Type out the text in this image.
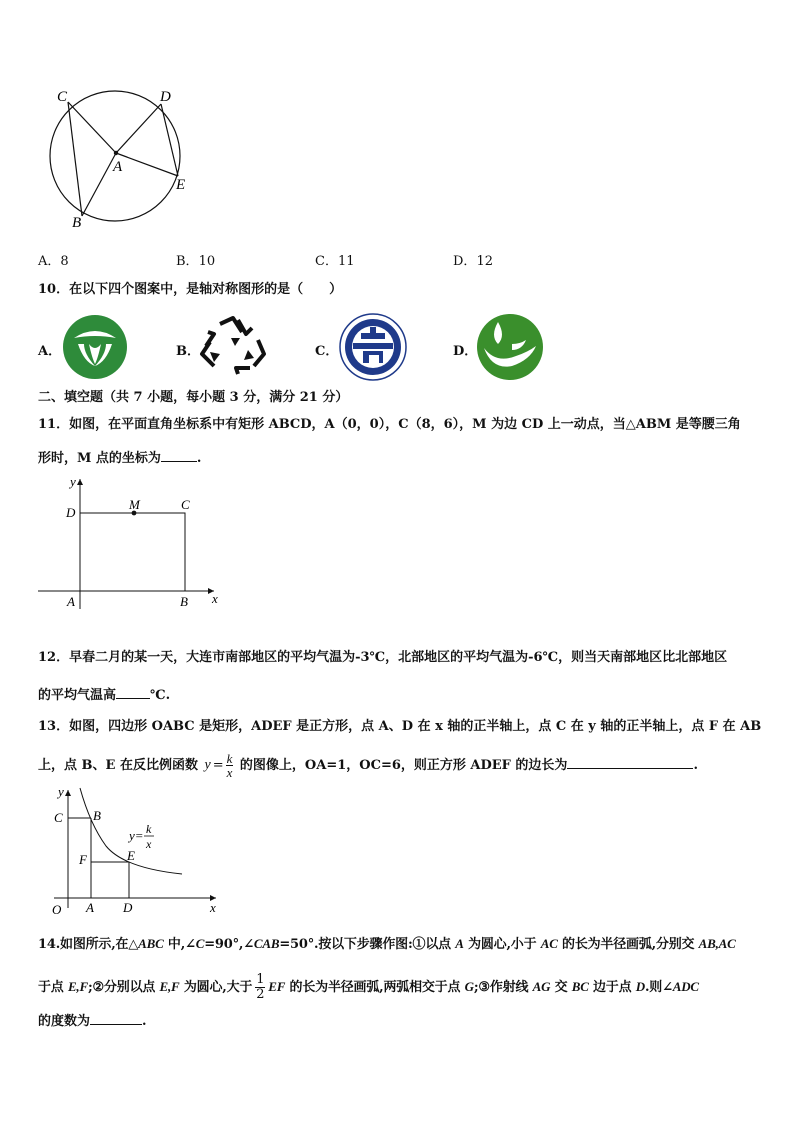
C	D
A
E
B
A．8	B．10	C．11	D．12
10．在以下四个图案中，是轴对称图形的是（　　）
A．	B．	C．	D．
二、填空题（共 7 小题，每小题 3 分，满分 21 分）
11．如图，在平面直角坐标系中有矩形 ABCD，A（0，0），C（8，6），M 为边 CD 上一动点，当△ABM 是等腰三角
形时，M 点的坐标为	.
y
x
D
M	C
A	B
12．早春二月的某一天，大连市南部地区的平均气温为-3℃，北部地区的平均气温为-6℃，则当天南部地区比北部地区
的平均气温高	℃.
13．如图，四边形 OABC 是矩形，ADEF 是正方形，点 A、D 在 x 轴的正半轴上，点 C 在 y 轴的正半轴上，点 F 在 AB
上，点 B、E 在反比例函数 $y = \frac{k}{x}$ 的图像上，OA=1，OC=6，则正方形 ADEF 的边长为	.
y
x
C B
F	E
O A D
y= k
x
14.如图所示,在△ABC 中,∠C=90°,∠CAB=50°.按以下步骤作图:①以点 A 为圆心,小于 AC 的长为半径画弧,分别交 AB,AC
于点 E,F;②分别以点 E,F 为圆心,大于 $\frac{1}{2}$ EF 的长为半径画弧,两弧相交于点 G;③作射线 AG 交 BC 边于点 D.则∠ADC
的度数为	.
